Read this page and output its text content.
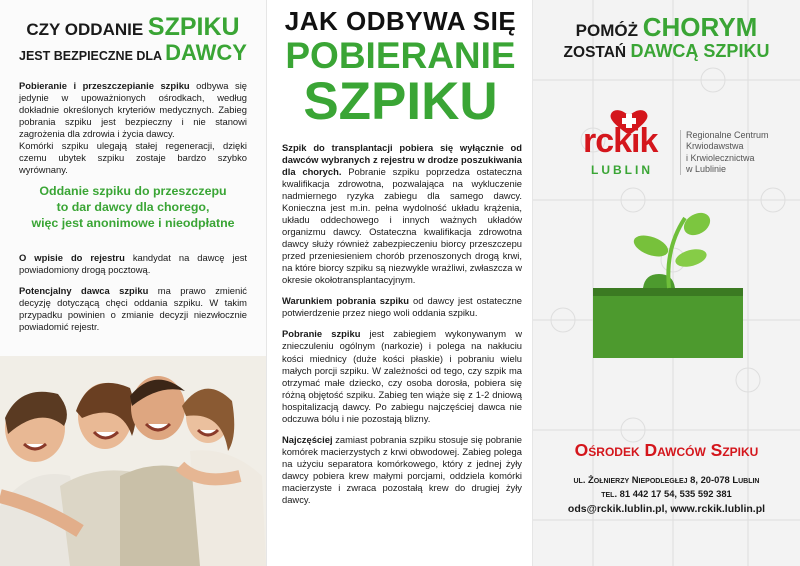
CZY ODDANIE SZPIKU
JEST BEZPIECZNE DLA DAWCY

Pobieranie i przeszczepianie szpiku odbywa się jedynie w upoważnionych ośrodkach, według dokładnie określonych kryteriów medycznych. Zabieg pobrania szpiku jest bezpieczny i nie stanowi zagrożenia dla zdrowia i życia dawcy.

Komórki szpiku ulegają stałej regeneracji, dzięki czemu ubytek szpiku zostaje bardzo szybko wyrównany.

Oddanie szpiku do przeszczepu
to dar dawcy dla chorego,
więc jest anonimowe i nieodpłatne

O wpisie do rejestru kandydat na dawcę jest powiadomiony drogą pocztową.

Potencjalny dawca szpiku ma prawo zmienić decyzję dotyczącą chęci oddania szpiku. W takim przypadku powinien o zmianie decyzji niezwłocznie powiadomić rejestr.

JAK ODBYWA SIĘ
POBIERANIE
SZPIKU

Szpik do transplantacji pobiera się wyłącznie od dawców wybranych z rejestru w drodze poszukiwania dla chorych. Pobranie szpiku poprzedza ostateczna kwalifikacja zdrowotna, pozwalająca na wykluczenie nadmiernego ryzyka zabiegu dla samego dawcy. Konieczna jest m.in. pełna wydolność układu krążenia, układu oddechowego i innych ważnych układów organizmu dawcy. Ostateczna kwalifikacja zdrowotna dawcy służy również zabezpieczeniu biorcy przeszczepu przed przeniesieniem chorób przenoszonych drogą krwi, na które biorcy szpiku są niezwykle wrażliwi, zwłaszcza w okresie okołotransplantacyjnym.

Warunkiem pobrania szpiku od dawcy jest ostateczne potwierdzenie przez niego woli oddania szpiku.

Pobranie szpiku jest zabiegiem wykonywanym w znieczuleniu ogólnym (narkozie) i polega na nakłuciu kości miednicy (duże kości płaskie) i pobraniu wielu małych porcji szpiku. W zależności od tego, czy szpik ma otrzymać małe dziecko, czy osoba dorosła, pobiera się różną objętość szpiku. Zabieg ten wiąże się z 1-2 dniową hospitalizacją dawcy. Po zabiegu najczęściej dawca nie odczuwa bólu i nie pozostają blizny.

Najczęściej zamiast pobrania szpiku stosuje się pobranie komórek macierzystych z krwi obwodowej. Zabieg polega na użyciu separatora komórkowego, który z jednej żyły dawcy pobiera krew małymi porcjami, oddziela komórki macierzyste i zwraca pozostałą krew do drugiej żyły dawcy.

POMÓŻ CHORYM
ZOSTAŃ DAWCĄ SZPIKU
rckik
LUBLIN
Regionalne Centrum
Krwiodawstwa
i Krwiolecznictwa
w Lublinie
Ośrodek Dawców Szpiku
ul. Żołnierzy Niepodległej 8, 20-078 Lublin
tel. 81 442 17 54, 535 592 381
ods@rckik.lublin.pl, www.rckik.lublin.pl
